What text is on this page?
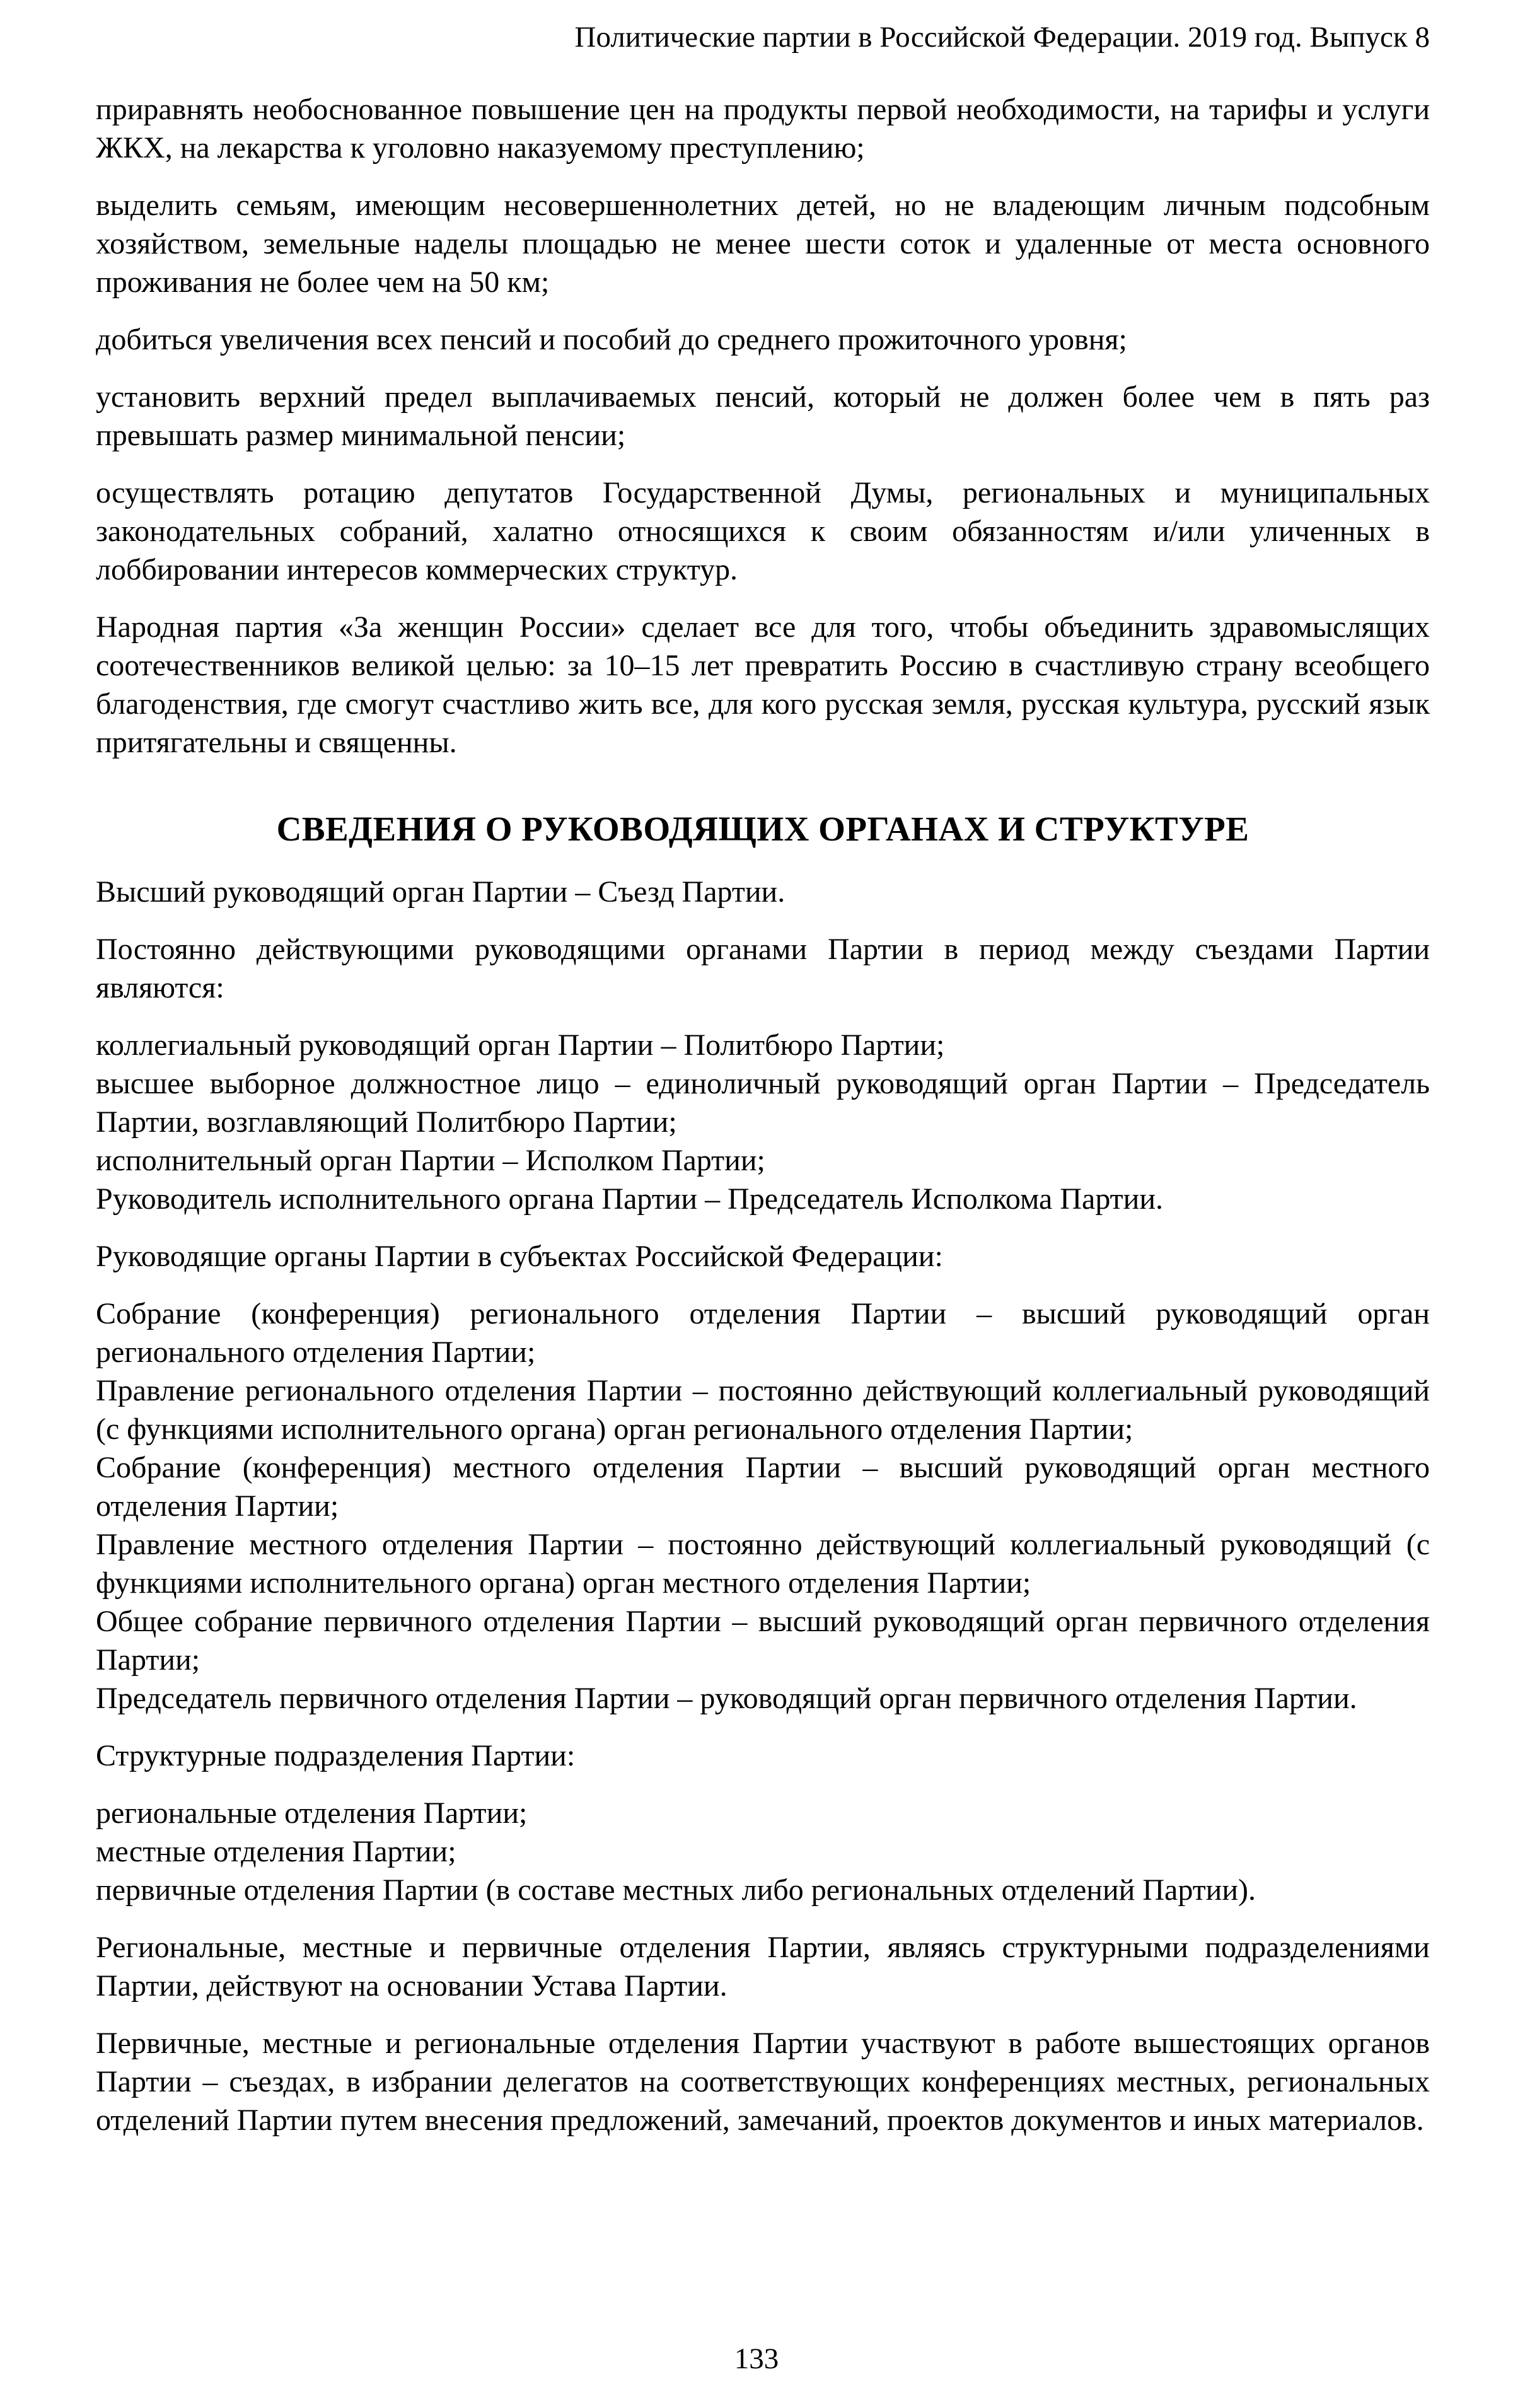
Политические партии в Российской Федерации. 2019 год. Выпуск 8

приравнять необоснованное повышение цен на продукты первой необходимости, на тарифы и услуги ЖКХ, на лекарства к уголовно наказуемому преступлению;

выделить семьям, имеющим несовершеннолетних детей, но не владеющим личным подсобным хозяйством, земельные наделы площадью не менее шести соток и удаленные от места основного проживания не более чем на 50 км;

добиться увеличения всех пенсий и пособий до среднего прожиточного уровня;

установить верхний предел выплачиваемых пенсий, который не должен более чем в пять раз превышать размер минимальной пенсии;

осуществлять ротацию депутатов Государственной Думы, региональных и муниципальных законодательных собраний, халатно относящихся к своим обязанностям и/или уличенных в лоббировании интересов коммерческих структур.

Народная партия «За женщин России» сделает все для того, чтобы объединить здравомыслящих соотечественников великой целью: за 10–15 лет превратить Россию в счастливую страну всеобщего благоденствия, где смогут счастливо жить все, для кого русская земля, русская культура, русский язык притягательны и священны.

СВЕДЕНИЯ О РУКОВОДЯЩИХ ОРГАНАХ И СТРУКТУРЕ

Высший руководящий орган Партии – Съезд Партии.

Постоянно действующими руководящими органами Партии в период между съездами Партии являются:

коллегиальный руководящий орган Партии – Политбюро Партии;

высшее выборное должностное лицо – единоличный руководящий орган Партии – Председатель Партии, возглавляющий Политбюро Партии;

исполнительный орган Партии – Исполком Партии;

Руководитель исполнительного органа Партии – Председатель Исполкома Партии.

Руководящие органы Партии в субъектах Российской Федерации:

Собрание (конференция) регионального отделения Партии – высший руководящий орган регионального отделения Партии;

Правление регионального отделения Партии – постоянно действующий коллегиальный руководящий (с функциями исполнительного органа) орган регионального отделения Партии;

Собрание (конференция) местного отделения Партии – высший руководящий орган местного отделения Партии;

Правление местного отделения Партии – постоянно действующий коллегиальный руководящий (с функциями исполнительного органа) орган местного отделения Партии;

Общее собрание первичного отделения Партии – высший руководящий орган первичного отделения Партии;

Председатель первичного отделения Партии – руководящий орган первичного отделения Партии.

Структурные подразделения Партии:

региональные отделения Партии;

местные отделения Партии;

первичные отделения Партии (в составе местных либо региональных отделений Партии).

Региональные, местные и первичные отделения Партии, являясь структурными подразделениями Партии, действуют на основании Устава Партии.

Первичные, местные и региональные отделения Партии участвуют в работе вышестоящих органов Партии – съездах, в избрании делегатов на соответствующих конференциях местных, региональных отделений Партии путем внесения предложений, замечаний, проектов документов и иных материалов.

133
